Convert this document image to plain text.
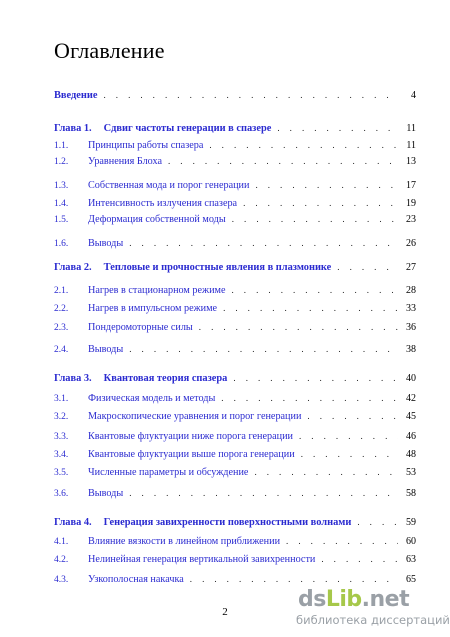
Оглавление
Введение . . .	4
Глава 1. Сдвиг частоты генерации в спазере . . .	11
1.1.	Принципы работы спазера . . .	11
1.2.	Уравнения Блоха . . .	13
1.3.	Собственная мода и порог генерации . . .	17
1.4.	Интенсивность излучения спазера . . .	19
1.5.	Деформация собственной моды . . .	23
1.6.	Выводы . . .	26
Глава 2. Тепловые и прочностные явления в плазмонике . . .	27
2.1.	Нагрев в стационарном режиме . . .	28
2.2.	Нагрев в импульсном режиме . . .	33
2.3.	Пондеромоторные силы . . .	36
2.4.	Выводы . . .	38
Глава 3. Квантовая теория спазера . . .	40
3.1.	Физическая модель и методы . . .	42
3.2.	Макроскопические уравнения и порог генерации . . .	45
3.3.	Квантовые флуктуации ниже порога генерации . . .	46
3.4.	Квантовые флуктуации выше порога генерации . . .	48
3.5.	Численные параметры и обсуждение . . .	53
3.6.	Выводы . . .	58
Глава 4. Генерация завихренности поверхностными волнами . . .	59
4.1.	Влияние вязкости в линейном приближении . . .	60
4.2.	Нелинейная генерация вертикальной завихренности . . .	63
4.3.	Узкополосная накачка . . .	65
2	dsLib.net
библиотека диссертаций
